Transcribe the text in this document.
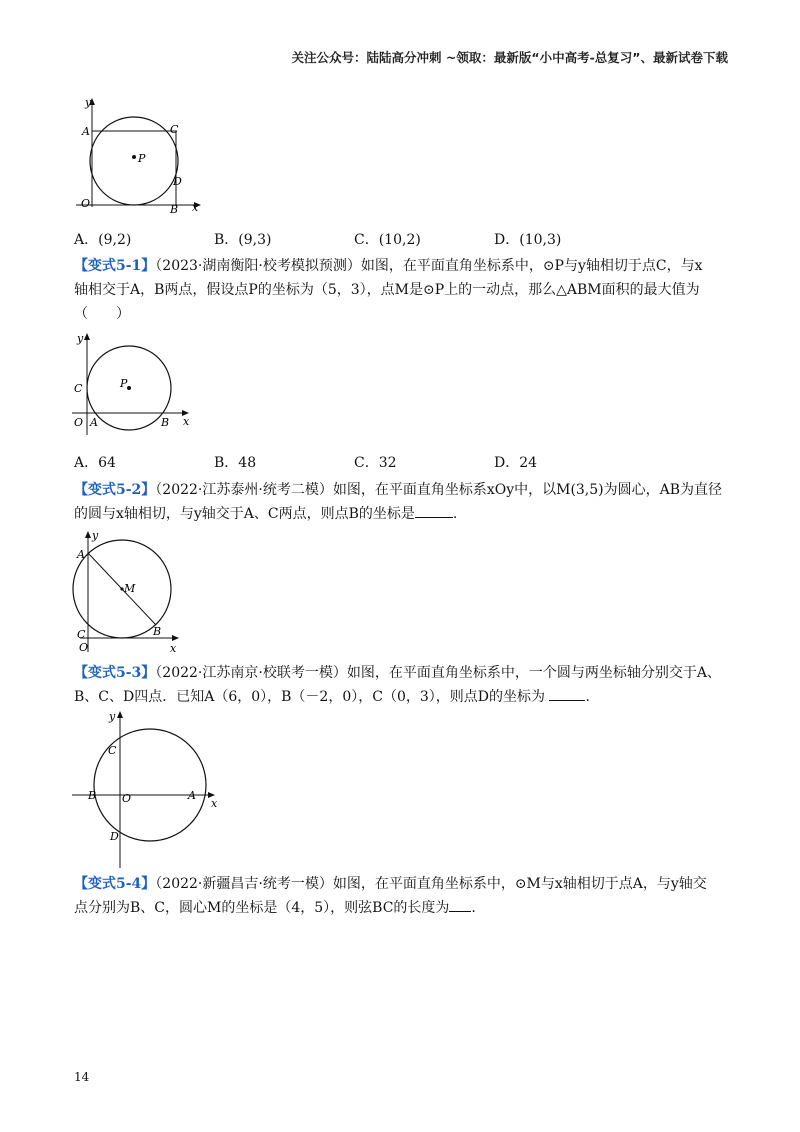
关注公众号：陆陆高分冲刺 ~领取：最新版“小中高考-总复习”、最新试卷下载
y
A	C
P
D
O	B x
A．(9,2)	B．(9,3)	C．(10,2)	D．(10,3)
【变式5-1】（2023·湖南衡阳·校考模拟预测）如图，在平面直角坐标系中，⊙P与y轴相切于点C，与x
轴相交于A，B两点，假设点P的坐标为（5，3），点M是⊙P上的一动点，那么△ABM面积的最大值为
（　　）
y
C	P
O A	B x
A．64	B．48	C．32	D．24
【变式5-2】（2022·江苏泰州·统考二模）如图，在平面直角坐标系xOy中，以M(3,5)为圆心，AB为直径
的圆与x轴相切，与y轴交于A、C两点，则点B的坐标是	.
y
A
M
C	B
O	x
【变式5-3】（2022·江苏南京·校联考一模）如图，在平面直角坐标系中，一个圆与两坐标轴分别交于A、
B、C、D四点．已知A（6，0），B（－2，0），C（0，3），则点D的坐标为	.
y
C
B O	A
x
D
【变式5-4】（2022·新疆昌吉·统考一模）如图，在平面直角坐标系中，⊙M与x轴相切于点A，与y轴交
点分别为B、C，圆心M的坐标是（4，5），则弦BC的长度为 .
14
